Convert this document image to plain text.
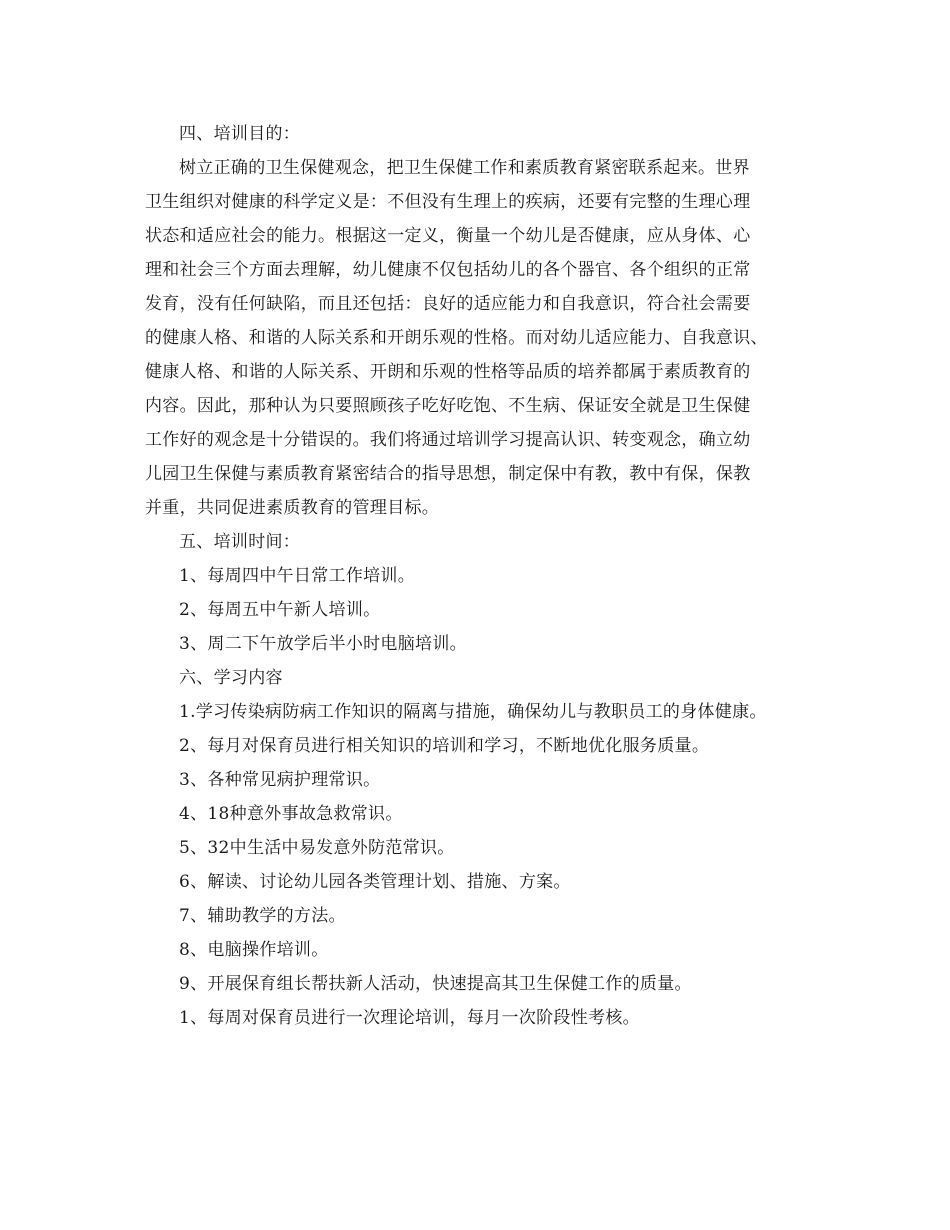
四、培训目的：
树立正确的卫生保健观念，把卫生保健工作和素质教育紧密联系起来。世界
卫生组织对健康的科学定义是：不但没有生理上的疾病，还要有完整的生理心理
状态和适应社会的能力。根据这一定义，衡量一个幼儿是否健康，应从身体、心
理和社会三个方面去理解，幼儿健康不仅包括幼儿的各个器官、各个组织的正常
发育，没有任何缺陷，而且还包括：良好的适应能力和自我意识，符合社会需要
的健康人格、和谐的人际关系和开朗乐观的性格。而对幼儿适应能力、自我意识、
健康人格、和谐的人际关系、开朗和乐观的性格等品质的培养都属于素质教育的
内容。因此，那种认为只要照顾孩子吃好吃饱、不生病、保证安全就是卫生保健
工作好的观念是十分错误的。我们将通过培训学习提高认识、转变观念，确立幼
儿园卫生保健与素质教育紧密结合的指导思想，制定保中有教，教中有保，保教
并重，共同促进素质教育的管理目标。
五、培训时间：
1、每周四中午日常工作培训。
2、每周五中午新人培训。
3、周二下午放学后半小时电脑培训。
六、学习内容
1.学习传染病防病工作知识的隔离与措施，确保幼儿与教职员工的身体健康。
2、每月对保育员进行相关知识的培训和学习，不断地优化服务质量。
3、各种常见病护理常识。
4、18种意外事故急救常识。
5、32中生活中易发意外防范常识。
6、解读、讨论幼儿园各类管理计划、措施、方案。
7、辅助教学的方法。
8、电脑操作培训。
9、开展保育组长帮扶新人活动，快速提高其卫生保健工作的质量。
1、每周对保育员进行一次理论培训，每月一次阶段性考核。
